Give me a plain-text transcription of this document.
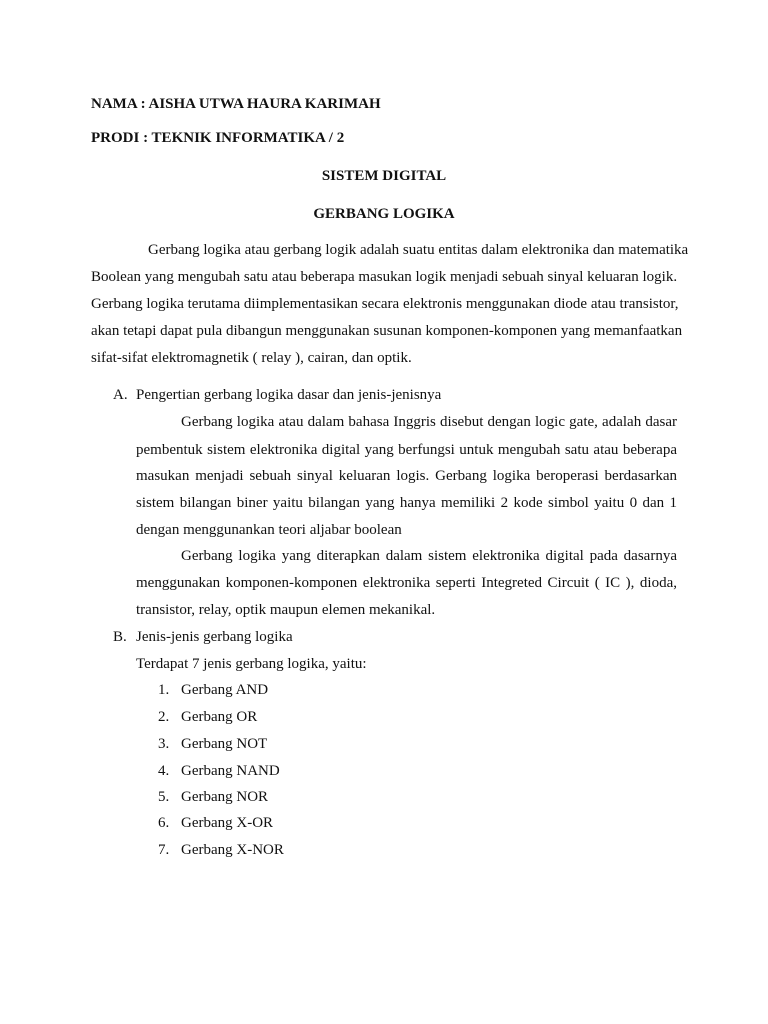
NAMA : AISHA UTWA HAURA KARIMAH
PRODI : TEKNIK INFORMATIKA / 2
SISTEM DIGITAL
GERBANG LOGIKA
Gerbang logika atau gerbang logik adalah suatu entitas dalam elektronika dan matematika
Boolean yang mengubah satu atau beberapa masukan logik menjadi sebuah sinyal keluaran logik.
Gerbang logika terutama diimplementasikan secara elektronis menggunakan diode atau transistor,
akan tetapi dapat pula dibangun menggunakan susunan komponen-komponen yang memanfaatkan
sifat-sifat elektromagnetik ( relay ), cairan, dan optik.
A. Pengertian gerbang logika dasar dan jenis-jenisnya
Gerbang logika atau dalam bahasa Inggris disebut dengan logic gate, adalah dasar
pembentuk sistem elektronika digital yang berfungsi untuk mengubah satu atau beberapa
masukan menjadi sebuah sinyal keluaran logis. Gerbang logika beroperasi berdasarkan
sistem bilangan biner yaitu bilangan yang hanya memiliki 2 kode simbol yaitu 0 dan 1
dengan menggunankan teori aljabar boolean
Gerbang logika yang diterapkan dalam sistem elektronika digital pada dasarnya
menggunakan komponen-komponen elektronika seperti Integreted Circuit ( IC ), dioda,
transistor, relay, optik maupun elemen mekanikal.
B. Jenis-jenis gerbang logika
Terdapat 7 jenis gerbang logika, yaitu:
1. Gerbang AND
2. Gerbang OR
3. Gerbang NOT
4. Gerbang NAND
5. Gerbang NOR
6. Gerbang X-OR
7. Gerbang X-NOR
